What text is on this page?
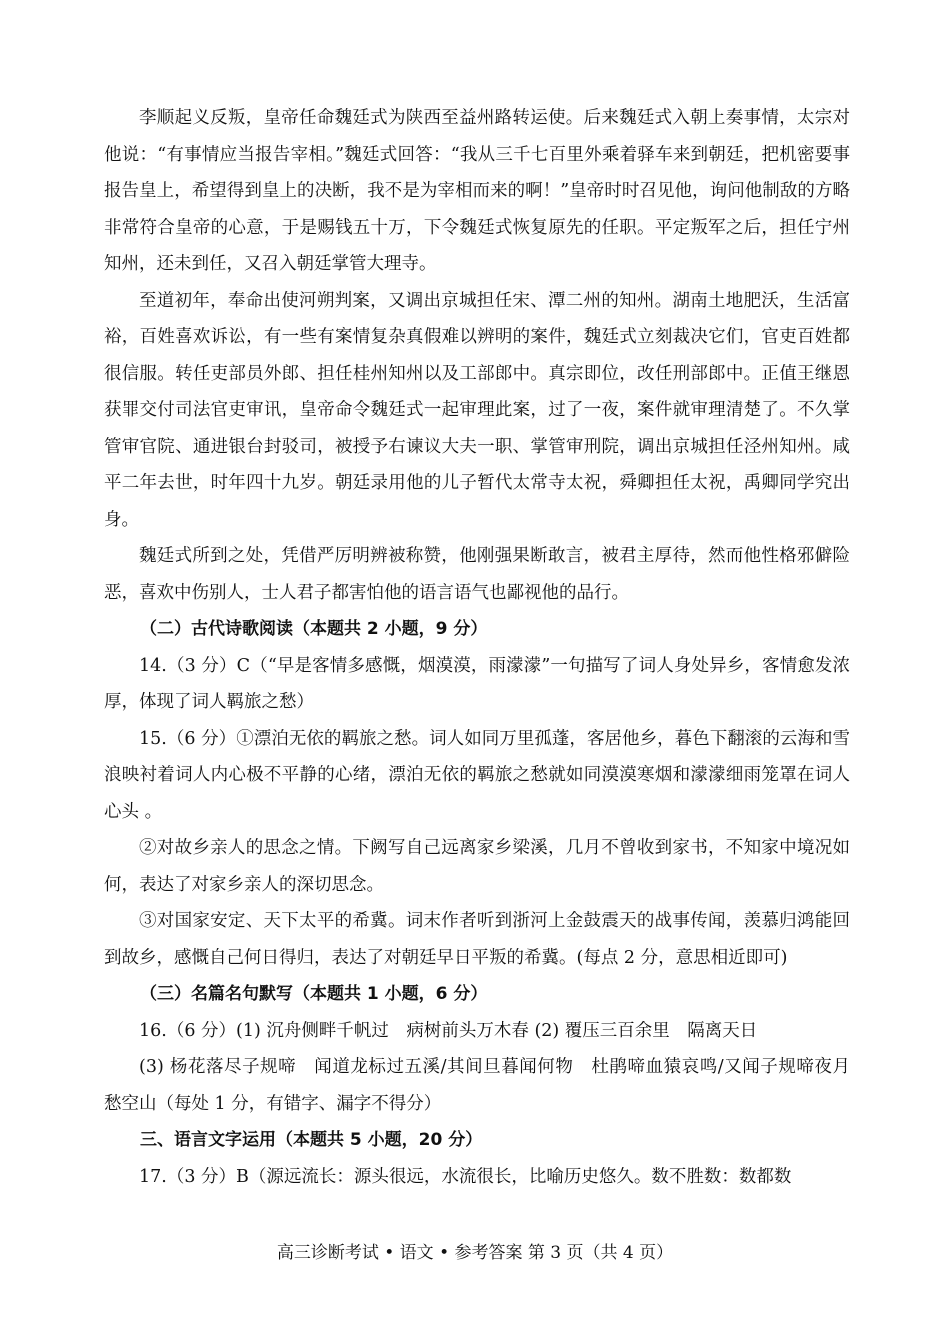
李顺起义反叛，皇帝任命魏廷式为陕西至益州路转运使。后来魏廷式入朝上奏事情，太宗对他说：“有事情应当报告宰相。”魏廷式回答：“我从三千七百里外乘着驿车来到朝廷，把机密要事报告皇上，希望得到皇上的决断，我不是为宰相而来的啊！”皇帝时时召见他，询问他制敌的方略非常符合皇帝的心意，于是赐钱五十万，下令魏廷式恢复原先的任职。平定叛军之后，担任宁州知州，还未到任，又召入朝廷掌管大理寺。

至道初年，奉命出使河朔判案，又调出京城担任宋、潭二州的知州。湖南土地肥沃，生活富裕，百姓喜欢诉讼，有一些有案情复杂真假难以辨明的案件，魏廷式立刻裁决它们，官吏百姓都很信服。转任吏部员外郎、担任桂州知州以及工部郎中。真宗即位，改任刑部郎中。正值王继恩获罪交付司法官吏审讯，皇帝命令魏廷式一起审理此案，过了一夜，案件就审理清楚了。不久掌管审官院、通进银台封驳司，被授予右谏议大夫一职、掌管审刑院，调出京城担任泾州知州。咸平二年去世，时年四十九岁。朝廷录用他的儿子暂代太常寺太祝，舜卿担任太祝，禹卿同学究出身。

魏廷式所到之处，凭借严厉明辨被称赞，他刚强果断敢言，被君主厚待，然而他性格邪僻险恶，喜欢中伤别人，士人君子都害怕他的语言语气也鄙视他的品行。

（二）古代诗歌阅读（本题共 2 小题，9 分）

14.（3 分）C（“早是客情多感慨，烟漠漠，雨濛濛”一句描写了词人身处异乡，客情愈发浓厚，体现了词人羁旅之愁）

15.（6 分）①漂泊无依的羁旅之愁。词人如同万里孤蓬，客居他乡，暮色下翻滚的云海和雪浪映衬着词人内心极不平静的心绪，漂泊无依的羁旅之愁就如同漠漠寒烟和濛濛细雨笼罩在词人心头 。

②对故乡亲人的思念之情。下阙写自己远离家乡梁溪，几月不曾收到家书，不知家中境况如何，表达了对家乡亲人的深切思念。

③对国家安定、天下太平的希冀。词末作者听到浙河上金鼓震天的战事传闻，羡慕归鸿能回到故乡，感慨自己何日得归，表达了对朝廷早日平叛的希冀。(每点 2 分，意思相近即可)

（三）名篇名句默写（本题共 1 小题，6 分）

16.（6 分）(1) 沉舟侧畔千帆过　病树前头万木春 (2) 覆压三百余里　隔离天日

(3) 杨花落尽子规啼　闻道龙标过五溪/其间旦暮闻何物　杜鹃啼血猿哀鸣/又闻子规啼夜月　愁空山（每处 1 分，有错字、漏字不得分）

三、语言文字运用（本题共 5 小题，20 分）

17.（3 分）B（源远流长：源头很远，水流很长，比喻历史悠久。数不胜数：数都数

高三诊断考试 • 语文 • 参考答案 第 3 页（共 4 页）
